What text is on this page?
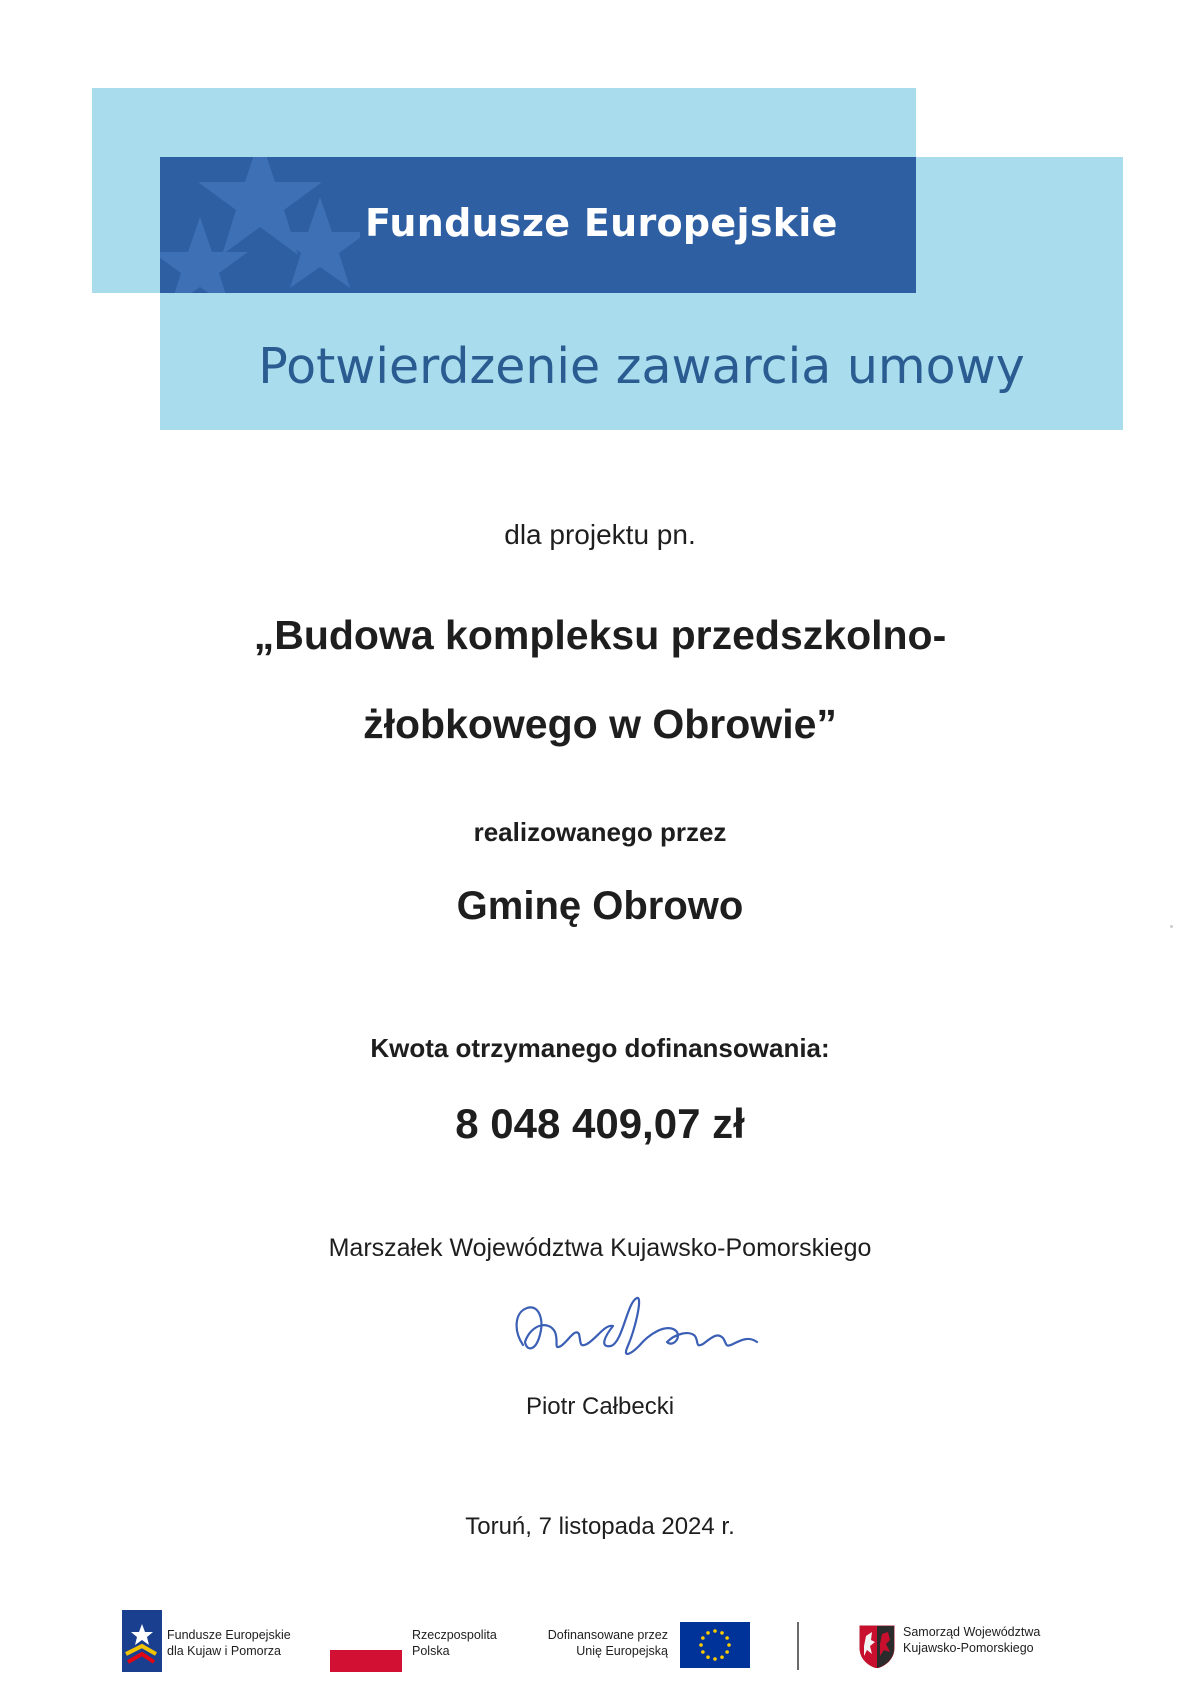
Fundusze Europejskie
Potwierdzenie zawarcia umowy
dla projektu pn.
„Budowa kompleksu przedszkolno-
żłobkowego w Obrowie”
realizowanego przez
Gminę Obrowo
Kwota otrzymanego dofinansowania:
8 048 409,07 zł
Marszałek Województwa Kujawsko-Pomorskiego
Piotr Całbecki
Toruń, 7 listopada 2024 r.
Fundusze Europejskie
dla Kujaw i Pomorza
Rzeczpospolita
Polska
Dofinansowane przez
Unię Europejską
Samorząd Województwa
Kujawsko-Pomorskiego
